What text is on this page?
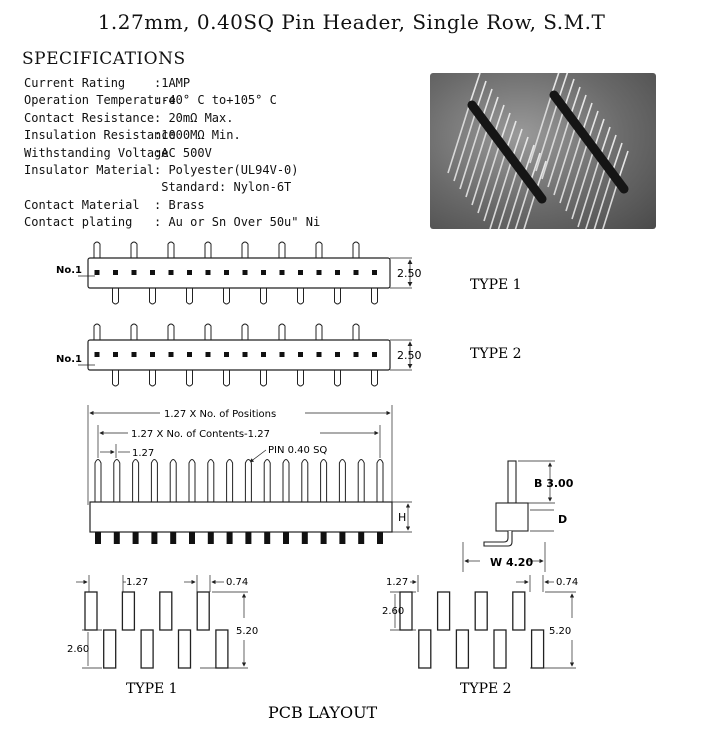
1.27mm, 0.40SQ Pin Header, Single Row, S.M.T
SPECIFICATIONS
Current Rating :1AMP
Operation Temperature:-40° C to+105° C
Contact Resistance: 20mΩ Max.
Insulation Resistance:1000MΩ Min.
Withstanding Voltage:AC 500V
Insulator Material: Polyester(UL94V-0)
Standard: Nylon-6T
Contact Material : Brass
Contact plating : Au or Sn Over 50u" Ni
2.50
No.1
TYPE 1
2.50
No.1	TYPE 2
1.27 X No. of Positions
1.27 X No. of Contents-1.27
1.27	PIN 0.40 SQ
H
B 3.00
D
W 4.20
1.27	0.74
2.60
5.20
TYPE 1
1.27	0.74
2.60
5.20
TYPE 2
PCB LAYOUT
